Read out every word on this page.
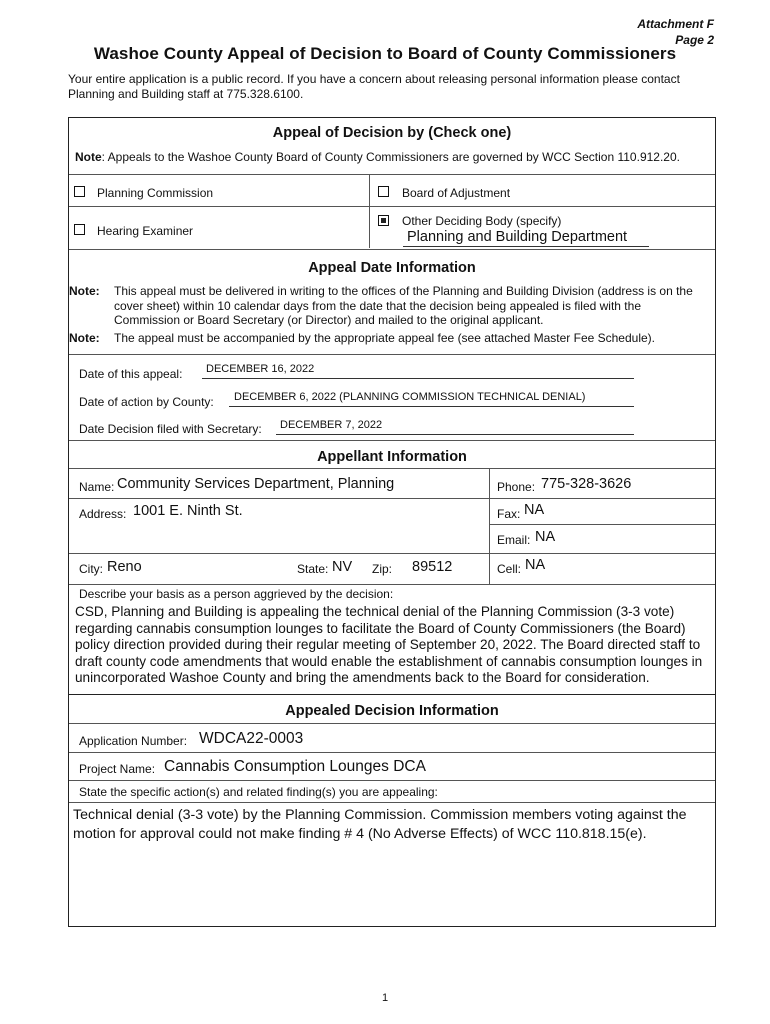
Attachment F
Page 2
Washoe County Appeal of Decision to Board of County Commissioners
Your entire application is a public record. If you have a concern about releasing personal information please contact Planning and Building staff at 775.328.6100.
Appeal of Decision by (Check one)
Note: Appeals to the Washoe County Board of County Commissioners are governed by WCC Section 110.912.20.
Planning Commission	Board of Adjustment
Hearing Examiner
Other Deciding Body (specify)
Planning and Building Department
Appeal Date Information
Note: This appeal must be delivered in writing to the offices of the Planning and Building Division (address is on the cover sheet) within 10 calendar days from the date that the decision being appealed is filed with the Commission or Board Secretary (or Director) and mailed to the original applicant.
Note: The appeal must be accompanied by the appropriate appeal fee (see attached Master Fee Schedule).
Date of this appeal: DECEMBER 16, 2022
Date of action by County: DECEMBER 6, 2022 (PLANNING COMMISSION TECHNICAL DENIAL)
Date Decision filed with Secretary: DECEMBER 7, 2022
Appellant Information
Name: Community Services Department, Planning	Phone: 775-328-3626
Address: 1001 E. Ninth St.	Fax: NA
Email: NA
City: Reno	State: NV Zip: 89512	Cell: NA
Describe your basis as a person aggrieved by the decision:
CSD, Planning and Building is appealing the technical denial of the Planning Commission (3-3 vote) regarding cannabis consumption lounges to facilitate the Board of County Commissioners (the Board) policy direction provided during their regular meeting of September 20, 2022. The Board directed staff to draft county code amendments that would enable the establishment of cannabis consumption lounges in unincorporated Washoe County and bring the amendments back to the Board for consideration.
Appealed Decision Information
Application Number: WDCA22-0003
Project Name: Cannabis Consumption Lounges DCA
State the specific action(s) and related finding(s) you are appealing:
Technical denial (3-3 vote) by the Planning Commission. Commission members voting against the motion for approval could not make finding # 4 (No Adverse Effects) of WCC 110.818.15(e).
1
